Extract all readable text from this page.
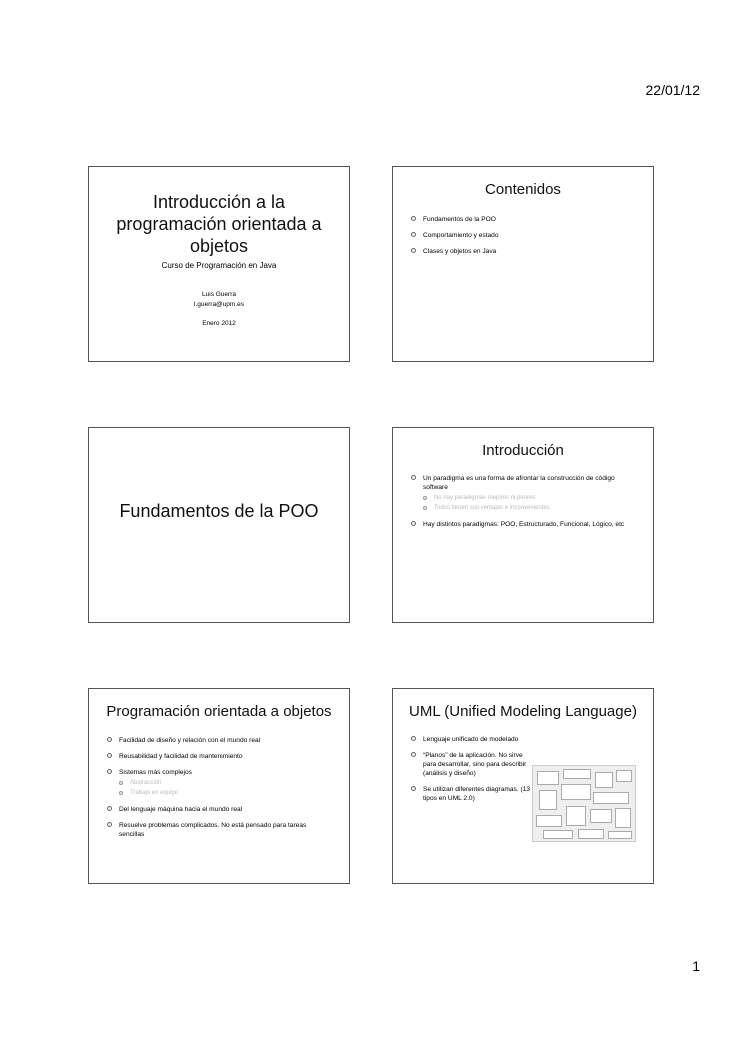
22/01/12
Introducción a la programación orientada a objetos
Curso de Programación en Java
Luis Guerra
l.guerra@upm.es
Enero 2012
Contenidos
Fundamentos de la POO
Comportamiento y estado
Clases y objetos en Java
Fundamentos de la POO
Introducción
Un paradigma es una forma de afrontar la construcción de código software
No hay paradigmas mejores ni peores
Todos tienen sus ventajas e inconvenientes
Hay distintos paradigmas: POO, Estructurado, Funcional, Lógico, etc
Programación orientada a objetos
Facilidad de diseño y relación con el mundo real
Reusabilidad y facilidad de mantenimiento
Sistemas más complejos
Abstracción
Trabajo en equipo
Del lenguaje máquina hacia el mundo real
Resuelve problemas complicados. No está pensado para tareas sencillas
UML (Unified Modeling Language)
Lenguaje unificado de modelado
“Planos” de la aplicación. No sirve para desarrollar, sino para describir (análisis y diseño)
Se utilizan diferentes diagramas. (13 tipos en UML 2.0)
1
